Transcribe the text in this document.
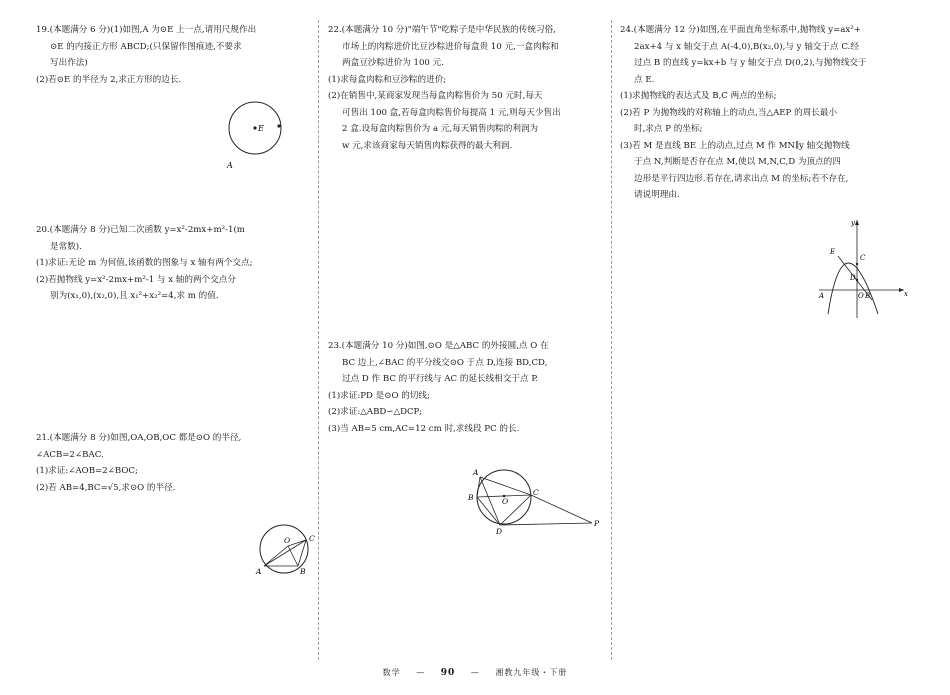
19.(本题满分 6 分)(1)如图,A 为⊙E 上一点,请用尺规作出

⊙E 的内接正方形 ABCD;(只保留作图痕迹,不要求

写出作法)

(2)若⊙E 的半径为 2,求正方形的边长.

E
A

20.(本题满分 8 分)已知二次函数 y=x²-2mx+m²-1(m

是常数).

(1)求证:无论 m 为何值,该函数的图象与 x 轴有两个交点;

(2)若抛物线 y=x²-2mx+m²-1 与 x 轴的两个交点分

别为(x₁,0),(x₂,0),且 x₁²+x₂²=4,求 m 的值.

21.(本题满分 8 分)如图,OA,OB,OC 都是⊙O 的半径,

∠ACB=2∠BAC.

(1)求证:∠AOB=2∠BOC;

(2)若 AB=4,BC=√5,求⊙O 的半径.

O	C
A	B

22.(本题满分 10 分)"端午节"吃粽子是中华民族的传统习俗,

市场上的肉粽进价比豆沙粽进价每盒贵 10 元,一盒肉粽和

两盒豆沙粽进价为 100 元.

(1)求每盒肉粽和豆沙粽的进价;

(2)在销售中,某商家发现当每盒肉粽售价为 50 元时,每天

可售出 100 盒,若每盒肉粽售价每提高 1 元,则每天少售出

2 盒.设每盒肉粽售价为 a 元,每天销售肉粽的利润为

w 元,求该商家每天销售肉粽获得的最大利润.

23.(本题满分 10 分)如图,⊙O 是△ABC 的外接圆,点 O 在

BC 边上,∠BAC 的平分线交⊙O 于点 D,连接 BD,CD,

过点 D 作 BC 的平行线与 AC 的延长线相交于点 P.

(1)求证:PD 是⊙O 的切线;

(2)求证:△ABD∽△DCP;

(3)当 AB=5 cm,AC=12 cm 时,求线段 PC 的长.

A
B	O
C
D
P

24.(本题满分 12 分)如图,在平面直角坐标系中,抛物线 y=ax²+

2ax+4 与 x 轴交于点 A(-4,0),B(x₂,0),与 y 轴交于点 C.经

过点 B 的直线 y=kx+b 与 y 轴交于点 D(0,2),与抛物线交于

点 E.

(1)求抛物线的表达式及 B,C 两点的坐标;

(2)若 P 为抛物线的对称轴上的动点,当△AEP 的周长最小

时,求点 P 的坐标;

(3)若 M 是直线 BE 上的动点,过点 M 作 MN∥y 轴交抛物线

于点 N,判断是否存在点 M,使以 M,N,C,D 为顶点的四

边形是平行四边形.若存在,请求出点 M 的坐标;若不存在,

请说明理由.

y
E
C
D
A	O B	x
数学 — 90 — 湘教九年级・下册
